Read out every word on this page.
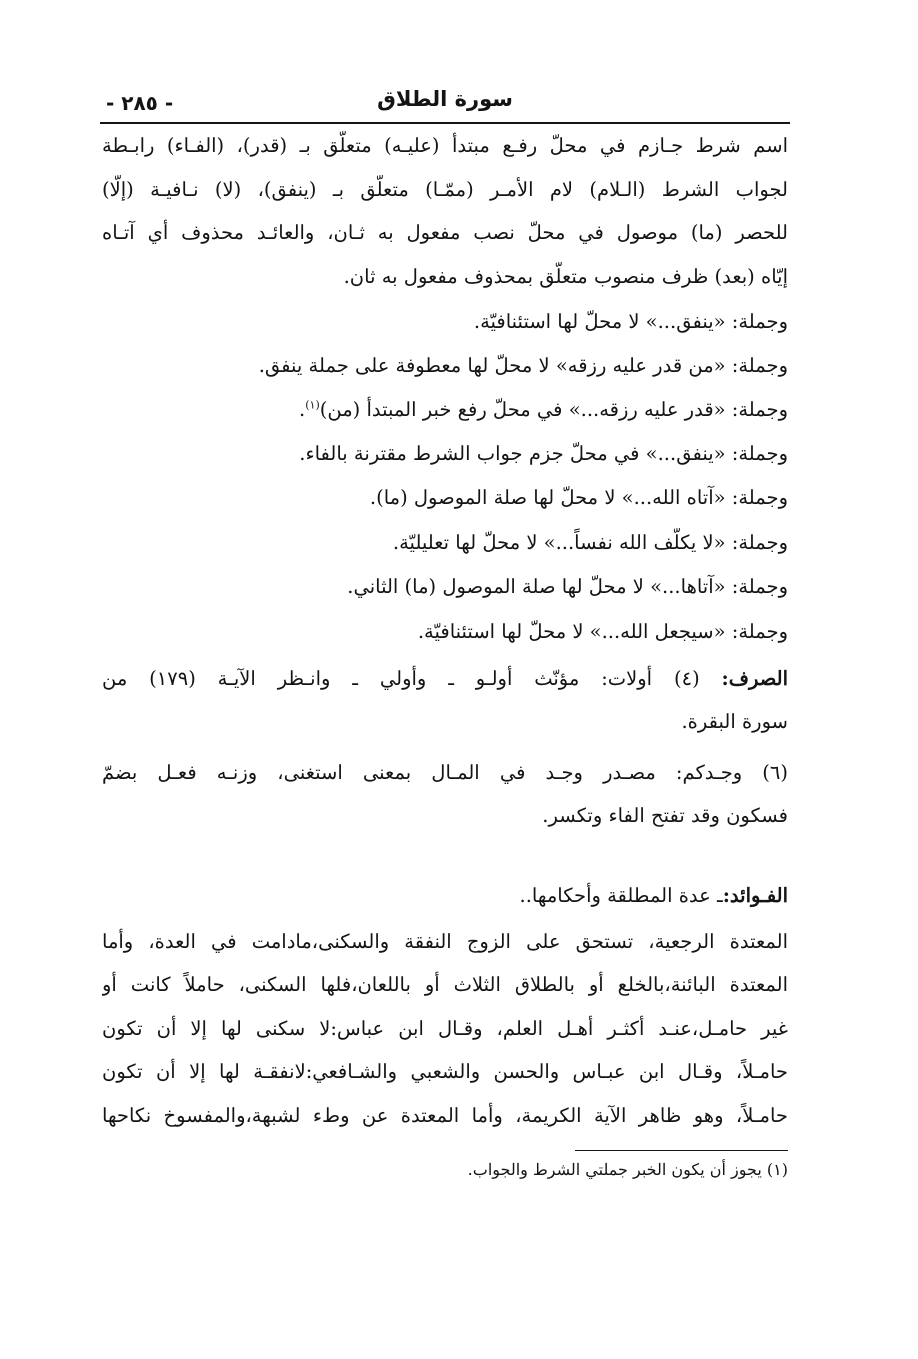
سورة الطلاق
- ٢٨٥ -
اسم شرط جـازم في محلّ رفـع مبتدأ (عليـه) متعلّق بـ (قدر)، (الفـاء) رابـطة
لجواب الشرط (الـلام) لام الأمـر (ممّـا) متعلّق بـ (ينفق)، (لا) نـافيـة (إلّا)
للحصر (ما) موصول في محلّ نصب مفعول به ثـان، والعائـد محذوف أي آتـاه
إيّاه (بعد) ظرف منصوب متعلّق بمحذوف مفعول به ثان.
وجملة: «ينفق...» لا محلّ لها استئنافيّة.
وجملة: «من قدر عليه رزقه» لا محلّ لها معطوفة على جملة ينفق.
وجملة: «قدر عليه رزقه...» في محلّ رفع خبر المبتدأ (من)$^{(١)}$.
وجملة: «ينفق...» في محلّ جزم جواب الشرط مقترنة بالفاء.
وجملة: «آتاه الله...» لا محلّ لها صلة الموصول (ما).
وجملة: «لا يكلّف الله نفساً...» لا محلّ لها تعليليّة.
وجملة: «آتاها...» لا محلّ لها صلة الموصول (ما) الثاني.
وجملة: «سيجعل الله...» لا محلّ لها استئنافيّة.
الصرف: (٤) أولات: مؤنّث أولـو ـ وأولي ـ وانـظر الآيـة (١٧٩) من
سورة البقرة.
(٦) وجـدكم: مصـدر وجـد في المـال بمعنى استغنى، وزنـه فعـل بضمّ
فسكون وقد تفتح الفاء وتكسر.
الفـوائد:ـ عدة المطلقة وأحكامها..
المعتدة الرجعية، تستحق على الزوج النفقة والسكنى،مادامت في العدة، وأما
المعتدة البائنة،بالخلع أو بالطلاق الثلاث أو باللعان،فلها السكنى، حاملاً كانت أو
غير حامـل،عنـد أكثـر أهـل العلم، وقـال ابن عباس:لا سكنى لها إلا أن تكون
حامـلاً، وقـال ابن عبـاس والحسن والشعبي والشـافعي:لانفقـة لها إلا أن تكون
حامـلاً، وهو ظاهر الآية الكريمة، وأما المعتدة عن وطء لشبهة،والمفسوخ نكاحها
(١) يجوز أن يكون الخبر جملتي الشرط والجواب.
